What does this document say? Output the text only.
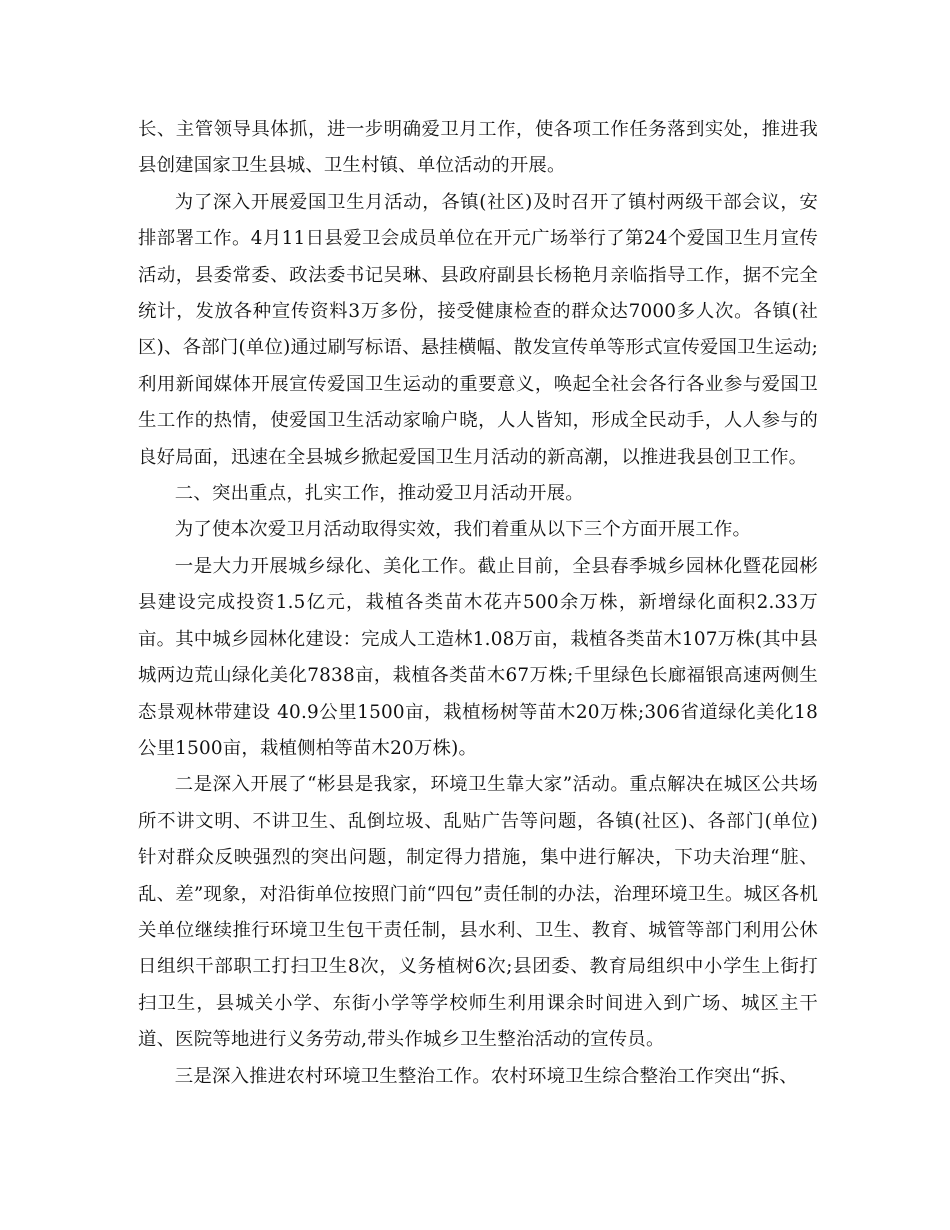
长、主管领导具体抓，进一步明确爱卫月工作，使各项工作任务落到实处，推进我县创建国家卫生县城、卫生村镇、单位活动的开展。

为了深入开展爱国卫生月活动，各镇(社区)及时召开了镇村两级干部会议，安排部署工作。4月11日县爱卫会成员单位在开元广场举行了第24个爱国卫生月宣传活动，县委常委、政法委书记吴琳、县政府副县长杨艳月亲临指导工作，据不完全统计，发放各种宣传资料3万多份，接受健康检查的群众达7000多人次。各镇(社区)、各部门(单位)通过刷写标语、悬挂横幅、散发宣传单等形式宣传爱国卫生运动;利用新闻媒体开展宣传爱国卫生运动的重要意义，唤起全社会各行各业参与爱国卫生工作的热情，使爱国卫生活动家喻户晓，人人皆知，形成全民动手，人人参与的良好局面，迅速在全县城乡掀起爱国卫生月活动的新高潮，以推进我县创卫工作。

二、突出重点，扎实工作，推动爱卫月活动开展。

为了使本次爱卫月活动取得实效，我们着重从以下三个方面开展工作。

一是大力开展城乡绿化、美化工作。截止目前，全县春季城乡园林化暨花园彬县建设完成投资1.5亿元，栽植各类苗木花卉500余万株，新增绿化面积2.33万亩。其中城乡园林化建设：完成人工造林1.08万亩，栽植各类苗木107万株(其中县城两边荒山绿化美化7838亩，栽植各类苗木67万株;千里绿色长廊福银高速两侧生态景观林带建设 40.9公里1500亩，栽植杨树等苗木20万株;306省道绿化美化18公里1500亩，栽植侧柏等苗木20万株)。

二是深入开展了“彬县是我家，环境卫生靠大家”活动。重点解决在城区公共场所不讲文明、不讲卫生、乱倒垃圾、乱贴广告等问题，各镇(社区)、各部门(单位)针对群众反映强烈的突出问题，制定得力措施，集中进行解决，下功夫治理“脏、乱、差”现象，对沿街单位按照门前“四包”责任制的办法，治理环境卫生。城区各机关单位继续推行环境卫生包干责任制，县水利、卫生、教育、城管等部门利用公休日组织干部职工打扫卫生8次，义务植树6次;县团委、教育局组织中小学生上街打扫卫生，县城关小学、东街小学等学校师生利用课余时间进入到广场、城区主干道、医院等地进行义务劳动,带头作城乡卫生整治活动的宣传员。

三是深入推进农村环境卫生整治工作。农村环境卫生综合整治工作突出“拆、
